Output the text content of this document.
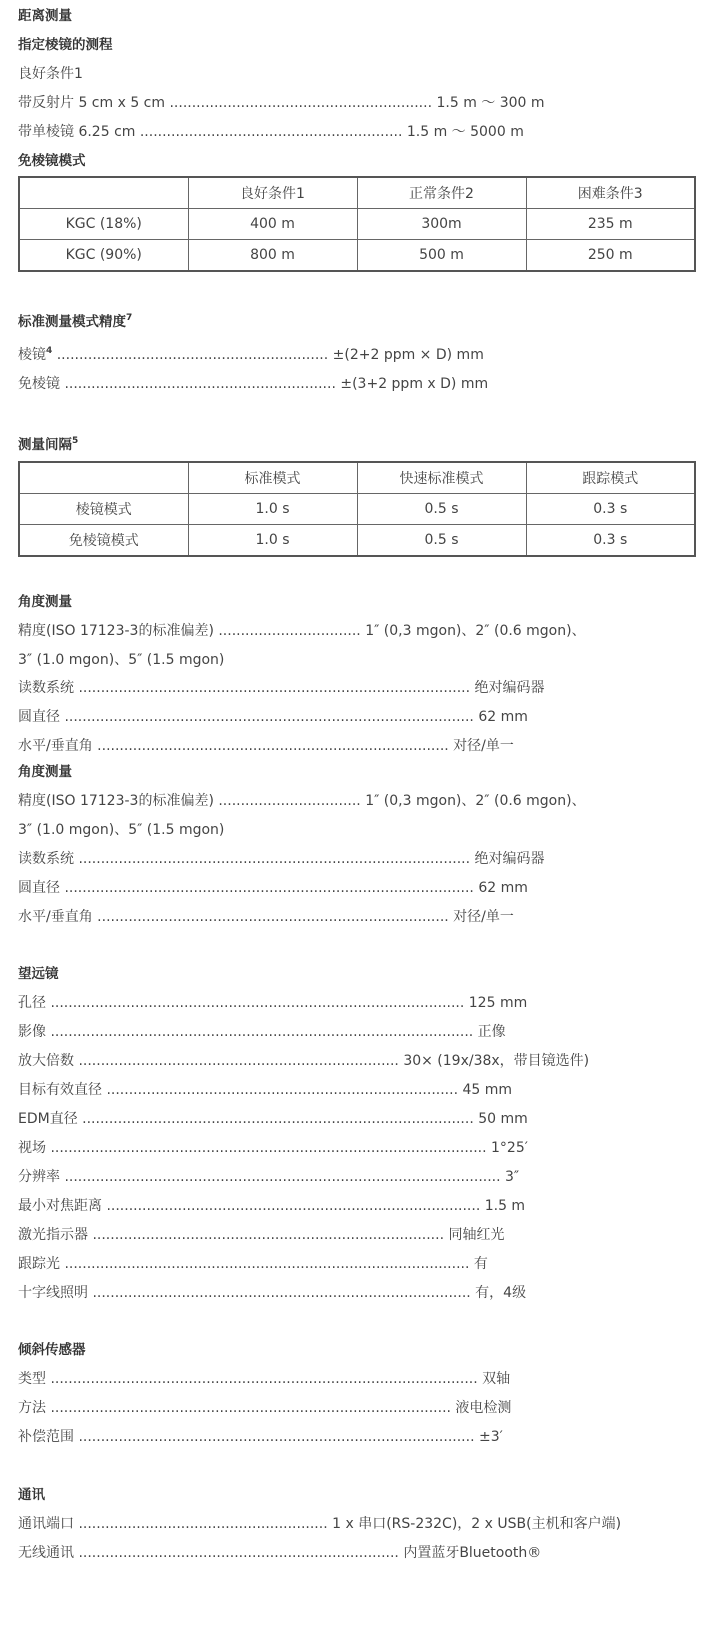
距离测量
指定棱镜的测程
良好条件1
带反射片 5 cm x 5 cm ........................................................... 1.5 m ～ 300 m
带单棱镜 6.25 cm ........................................................... 1.5 m ～ 5000 m
免棱镜模式
	良好条件1	正常条件2	困难条件3
KGC (18%)	400 m	300m	235 m
KGC (90%)	800 m	500 m	250 m
标准测量模式精度$^7$
棱镜$^4$ ............................................................. ±(2+2 ppm × D) mm
免棱镜 ............................................................. ±(3+2 ppm x D) mm
测量间隔$^5$
	标准模式	快速标准模式	跟踪模式
棱镜模式	1.0 s	0.5 s	0.3 s
免棱镜模式	1.0 s	0.5 s	0.3 s
角度测量
精度(ISO 17123-3的标准偏差) ................................ 1″ (0,3 mgon)、2″ (0.6 mgon)、
3″ (1.0 mgon)、5″ (1.5 mgon)
读数系统 ........................................................................................ 绝对编码器
圆直径 ............................................................................................ 62 mm
水平/垂直角 ............................................................................... 对径/单一
角度测量
精度(ISO 17123-3的标准偏差) ................................ 1″ (0,3 mgon)、2″ (0.6 mgon)、
3″ (1.0 mgon)、5″ (1.5 mgon)
读数系统 ........................................................................................ 绝对编码器
圆直径 ............................................................................................ 62 mm
水平/垂直角 ............................................................................... 对径/单一
望远镜
孔径 ............................................................................................. 125 mm
影像 ............................................................................................... 正像
放大倍数 ........................................................................ 30× (19x/38x，带目镜选件)
目标有效直径 ............................................................................... 45 mm
EDM直径 ........................................................................................ 50 mm
视场 .................................................................................................. 1°25′
分辨率 .................................................................................................. 3″
最小对焦距离 .................................................................................... 1.5 m
激光指示器 ............................................................................... 同轴红光
跟踪光 ........................................................................................... 有
十字线照明 ..................................................................................... 有，4级
倾斜传感器
类型 ................................................................................................ 双轴
方法 .......................................................................................... 液电检测
补偿范围 ......................................................................................... ±3′
通讯
通讯端口 ........................................................ 1 x 串口(RS-232C)，2 x USB(主机和客户端)
无线通讯 ........................................................................ 内置蓝牙Bluetooth®
